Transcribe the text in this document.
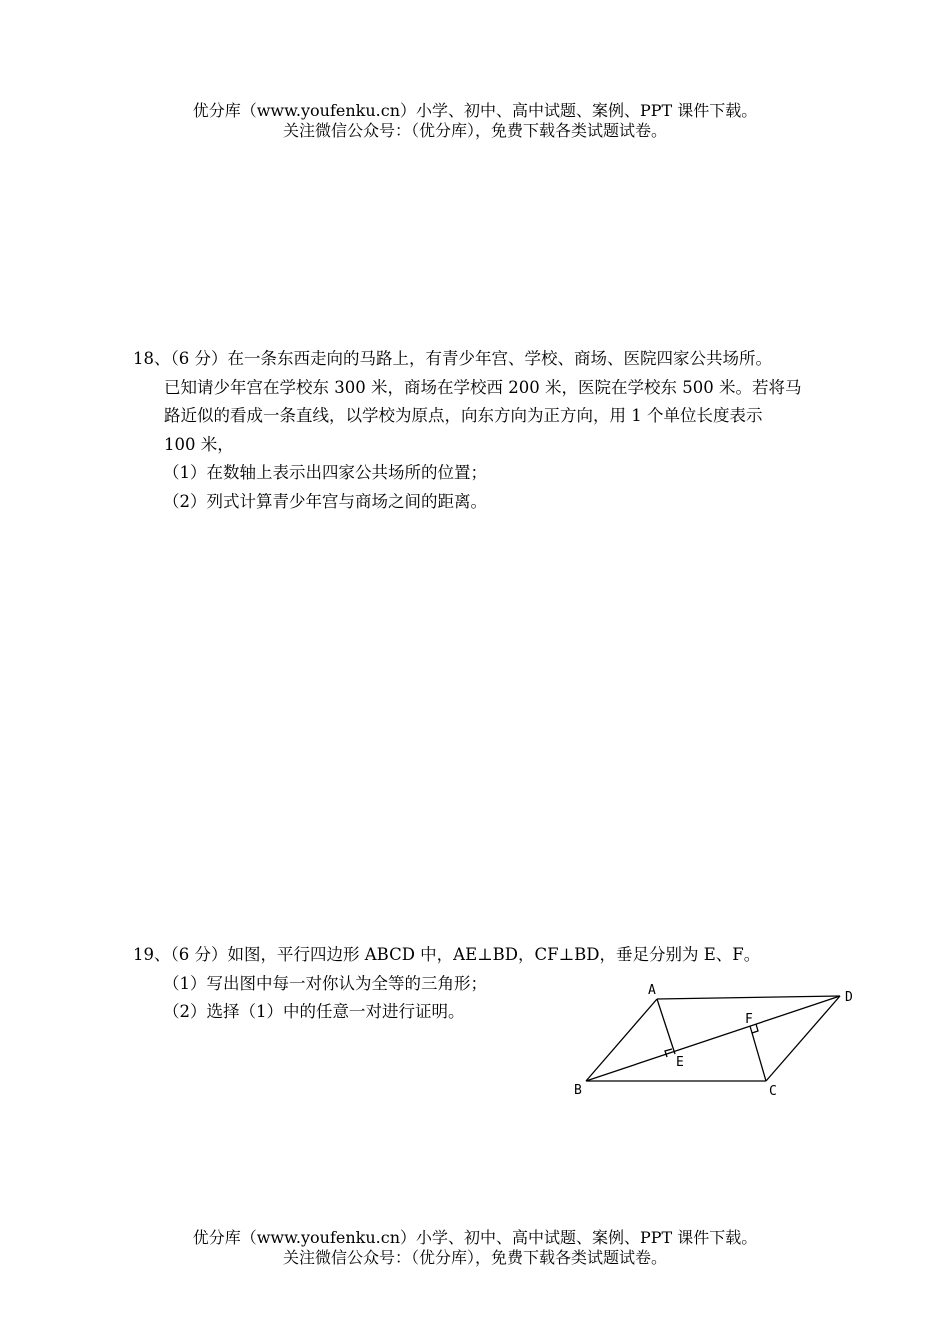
优分库（www.youfenku.cn）小学、初中、高中试题、案例、PPT 课件下载。
关注微信公众号：（优分库），免费下载各类试题试卷。
18、（6 分）在一条东西走向的马路上，有青少年宫、学校、商场、医院四家公共场所。
已知请少年宫在学校东 300 米，商场在学校西 200 米，医院在学校东 500 米。若将马
路近似的看成一条直线，以学校为原点，向东方向为正方向，用 1 个单位长度表示
100 米，
（1）在数轴上表示出四家公共场所的位置；
（2）列式计算青少年宫与商场之间的距离。
19、（6 分）如图，平行四边形 ABCD 中，AE⊥BD，CF⊥BD，垂足分别为 E、F。
（1）写出图中每一对你认为全等的三角形；
（2）选择（1）中的任意一对进行证明。
A	D
F
E
B	C
优分库（www.youfenku.cn）小学、初中、高中试题、案例、PPT 课件下载。
关注微信公众号：（优分库），免费下载各类试题试卷。
